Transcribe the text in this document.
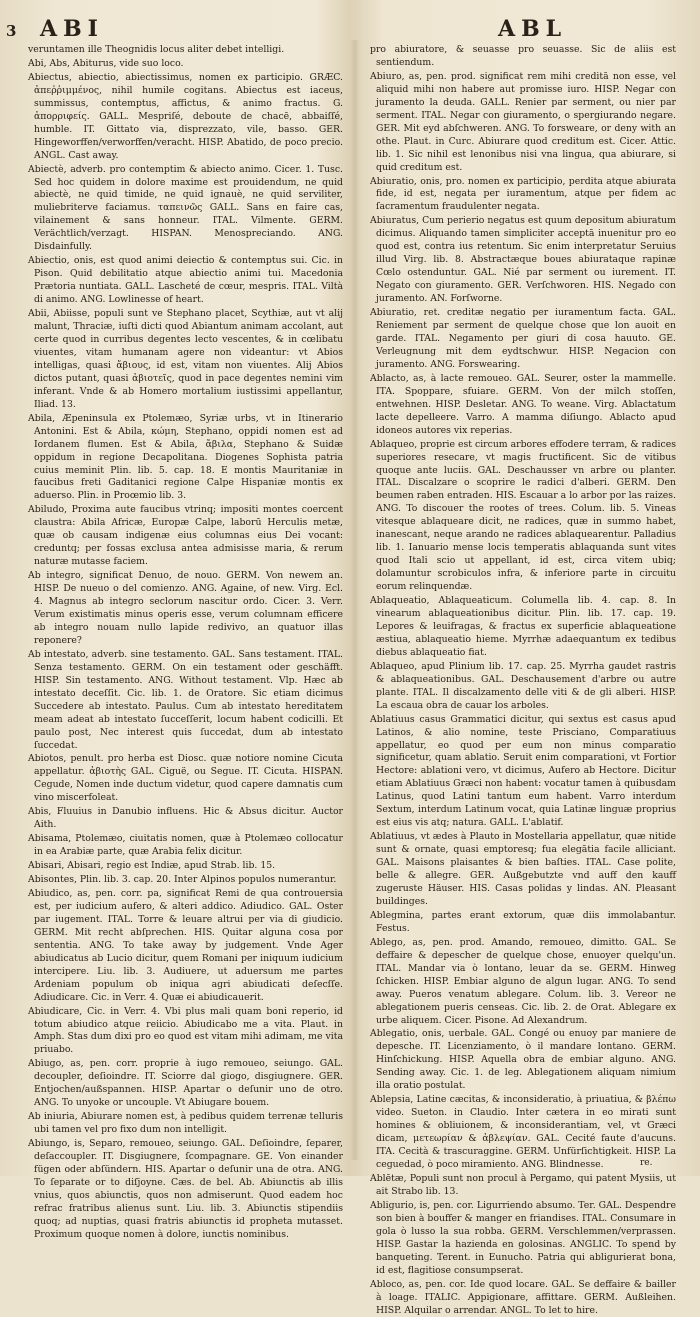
3 ABI	ABL

veruntamen ille Theognidis locus aliter debet intelligi.

Abi, Abs, Abiturus, vide suo loco.

Abiectus, abiectio, abiectissimus, nomen ex participio. GRÆC. ἀπεῤῥιμμένος, nihil humile cogitans. Abiectus est iaceus, summissus, contemptus, affictus, & animo fractus. G. ἀπορριφείς. GALL. Mespriſé, deboute de chacē, abbaiſſé, humble. IT. Gittato via, disprezzato, vile, basso. GER. Hingeworffen/verworffen/veracht. HISP. Abatido, de poco precio. ANGL. Cast away.

Abiectè, adverb. pro contemptim & abiecto animo. Cicer. 1. Tusc. Sed hoc quidem in dolore maxime est prouidendum, ne quid abiectè, ne quid timide, ne quid ignauè, ne quid serviliter, muliebriterve faciamus. ταπεινῶς GALL. Sans en faire cas, vilainement & sans honneur. ITAL. Vilmente. GERM. Verächtlich/verzagt. HISPAN. Menospreciando. ANG. Disdainfully.

Abiectio, onis, est quod animi deiectio & contemptus sui. Cic. in Pison. Quid debilitatio atque abiectio animi tui. Macedonia Prætoria nuntiata. GALL. Lascheté de cœur, mespris. ITAL. Viltà di animo. ANG. Lowlinesse of heart.

Abii, Abiisse, populi sunt ve Stephano placet, Scythiæ, aut vt alij malunt, Thraciæ, iuſti dicti quod Abiantum animam accolant, aut certe quod in curribus degentes lecto vescentes, & in cœlibatu viuentes, vitam humanam agere non videantur: vt Abios intelligas, quasi ἄβιους, id est, vitam non viuentes. Alij Abios dictos putant, quasi ἀβιοτεῖς, quod in pace degentes nemini vim inferant. Vnde & ab Homero mortalium iustissimi appellantur, Iliad. 13.

Abila, Æpeninsula ex Ptolemæo, Syriæ urbs, vt in Itinerario Antonini. Est & Abila, κώμη, Stephano, oppidi nomen est ad Iordanem flumen. Est & Abila, ἄβιλα, Stephano & Suidæ oppidum in regione Decapolitana. Diogenes Sophista patria cuius meminit Plin. lib. 5. cap. 18. E montis Mauritaniæ in faucibus freti Gaditanici regione Calpe Hispaniæ montis ex aduerso. Plin. in Proœmio lib. 3.

Abiludo, Proxima aute faucibus vtrinq; impositi montes coercent claustra: Abila Africæ, Europæ Calpe, laborū Herculis metæ, quæ ob causam indigenæ eius columnas eius Dei vocant: creduntq; per fossas exclusa antea admisisse maria, & rerum naturæ mutasse faciem.

Ab integro, significat Denuo, de nouo. GERM. Von newem an. HISP. De nueuo o del comienzo. ANG. Againe, of new. Virg. Ecl. 4. Magnus ab integro seclorum nascitur ordo. Cicer. 3. Verr. Verum existimatis minus operis esse, verum columnam efficere ab integro nouam nullo lapide redivivo, an quatuor illas reponere?

Ab intestato, adverb. sine testamento. GAL. Sans testament. ITAL. Senza testamento. GERM. On ein testament oder geschäfft. HISP. Sin testamento. ANG. Without testament. Vlp. Hæc ab intestato deceſſit. Cic. lib. 1. de Oratore. Sic etiam dicimus Succedere ab intestato. Paulus. Cum ab intestato hereditatem meam adeat ab intestato ſucceſſerit, locum habent codicilli. Et paulo post, Nec interest quis ſuccedat, dum ab intestato ſuccedat.

Abiotos, penult. pro herba est Diosc. quæ notiore nomine Cicuta appellatur. ἀβιοτὴς GAL. Ciguë, ou Segue. IT. Cicuta. HISPAN. Cegude, Nomen inde ductum videtur, quod capere damnatis cum vino miscerfoleat.

Abis, Fluuius in Danubio influens. Hic & Absus dicitur. Auctor Aith.

Abisama, Ptolemæo, ciuitatis nomen, quæ à Ptolemæo collocatur in ea Arabiæ parte, quæ Arabia felix dicitur.

Abisari, Abisari, regio est Indiæ, apud Strab. lib. 15.

Abisontes, Plin. lib. 3. cap. 20. Inter Alpinos populos numerantur.

Abiudico, as, pen. corr. pa, significat Remi de qua controuersia est, per iudicium aufero, & alteri addico. Adiudico. GAL. Oster par iugement. ITAL. Torre & leuare altrui per via di giudicio. GERM. Mit recht abſprechen. HIS. Quitar alguna cosa por sententia. ANG. To take away by judgement. Vnde Ager abiudicatus ab Lucio dicitur, quem Romani per iniquum iudicium intercipere. Liu. lib. 3. Audiuere, ut aduersum me partes Ardeniam populum ob iniqua agri abiudicati deſecſſe. Adiudicare. Cic. in Verr. 4. Quæ ei abiudicauerit.

Abiudicare, Cic. in Verr. 4. Vbi plus mali quam boni reperio, id totum abiudico atque reiicio. Abiudicabo me a vita. Plaut. in Amph. Stas dum dixi pro eo quod est vitam mihi adimam, me vita priuabo.

Abiugo, as, pen. corr. proprie à iugo remoueo, seiungo. GAL. decoupler, deſioindre. IT. Sciorre dal giogo, disgiugnere. GER. Entjochen/außspannen. HISP. Apartar o deſunir uno de otro. ANG. To unyoke or uncouple. Vt Abiugare bouem.

Ab iniuria, Abiurare nomen est, à pedibus quidem terrenæ telluris ubi tamen vel pro fixo dum non intelligit.

Abiungo, is, Separo, remoueo, seiungo. GAL. Deſioindre, ſeparer, deſaccoupler. IT. Disgiugnere, ſcompagnare. GE. Von einander fügen oder abſündern. HIS. Apartar o deſunir una de otra. ANG. To ſeparate or to diſjoyne. Cæs. de bel. Ab. Abiunctis ab illis vnius, quos abiunctis, quos non admiserunt. Quod eadem hoc refrac fratribus alienus sunt. Liu. lib. 3. Abiunctis stipendiis quoq; ad nuptias, quasi fratris abiunctis id propheta mutasset. Proximum quoque nomen à dolore, iunctis nominibus.

pro abiuratore, & seuasse pro seuasse. Sic de aliis est sentiendum.

Abiuro, as, pen. prod. significat rem mihi creditā non esse, vel aliquid mihi non habere aut promisse iuro. HISP. Negar con juramento la deuda. GALL. Renier par serment, ou nier par serment. ITAL. Negar con giuramento, o spergiurando negare. GER. Mit eyd abſchweren. ANG. To forsweare, or deny with an othe. Plaut. in Curc. Abiurare quod creditum est. Cicer. Attic. lib. 1. Sic nihil est lenonibus nisi vna lingua, qua abiurare, si quid creditum est.

Abiuratio, onis, pro. nomen ex participio, perdita atque abiurata fide, id est, negata per iuramentum, atque per fidem ac ſacramentum fraudulenter negata.

Abiuratus, Cum perierio negatus est quum depositum abiuratum dicimus. Aliquando tamen simpliciter acceptā inuenitur pro eo quod est, contra ius retentum. Sic enim interpretatur Seruius illud Virg. lib. 8. Abstractæque boues abiurataque rapinæ Cœlo ostenduntur. GAL. Nié par serment ou iurement. IT. Negato con giuramento. GER. Verſchworen. HIS. Negado con juramento. AN. Forſworne.

Abiuratio, ret. creditæ negatio per iuramentum facta. GAL. Reniement par serment de quelque chose que lon auoit en garde. ITAL. Negamento per giuri di cosa hauuto. GE. Verleugnung mit dem eydtschwur. HISP. Negacion con juramento. ANG. Forswearing.

Ablacto, as, à lacte remoueo. GAL. Seurer, oster la mammelle. ITA. Spoppare, sfuiare. GERM. Von der milch stoſſen, entwehnen. HISP. Desletar. ANG. To weane. Virg. Ablactatum lacte depelleere. Varro. A mamma diſiungo. Ablacto apud idoneos autores vix reperias.

Ablaqueo, proprie est circum arbores effodere terram, & radices superiores resecare, vt magis fructificent. Sic de vitibus quoque ante luciis. GAL. Deschausser vn arbre ou planter. ITAL. Discalzare o scoprire le radici d'alberi. GERM. Den beumen raben entraden. HIS. Escauar a lo arbor por las raizes. ANG. To discouer the rootes of trees. Colum. lib. 5. Vineas vitesque ablaqueare dicit, ne radices, quæ in summo habet, inanescant, neque arando ne radices ablaquearentur. Palladius lib. 1. Ianuario mense locis temperatis ablaquanda sunt vites quod Itali scio ut appellant, id est, circa vitem ubiq; dolamuntur scrobiculos infra, & inferiore parte in circuitu eorum relinquendæ.

Ablaqueatio, Ablaqueaticum. Columella lib. 4. cap. 8. In vinearum ablaqueationibus dicitur. Plin. lib. 17. cap. 19. Lepores & leuifragas, & fractus ex superficie ablaqueatione æstiua, ablaqueatio hieme. Myrrhæ adaequantum ex tedibus diebus ablaqueatio fiat.

Ablaqueo, apud Plinium lib. 17. cap. 25. Myrrha gaudet rastris & ablaqueationibus. GAL. Deschausement d'arbre ou autre plante. ITAL. Il discalzamento delle viti & de gli alberi. HISP. La escaua obra de cauar los arboles.

Ablatiuus casus Grammatici dicitur, qui sextus est casus apud Latinos, & alio nomine, teste Prisciano, Comparatiuus appellatur, eo quod per eum non minus comparatio significetur, quam ablatio. Seruit enim comparationi, vt Fortior Hectore: ablationi vero, vt dicimus, Aufero ab Hectore. Dicitur etiam Ablatiuus Græci non habent: vocatur tamen à quibusdam Latinus, quod Latini tantum eum habent. Varro interdum Sextum, interdum Latinum vocat, quia Latinæ linguæ proprius est eius vis atq; natura. GALL. L'ablatif.

Ablatiuus, vt ædes à Plauto in Mostellaria appellatur, quæ nitide sunt & ornate, quasi emptoresq; fua elegātia facile alliciant. GAL. Maisons plaisantes & bien baſties. ITAL. Case polite, belle & allegre. GER. Außgebutzte vnd auff den kauff zugeruste Häuser. HIS. Casas polidas y lindas. AN. Pleasant buildinges.

Ablegmina, partes erant extorum, quæ diis immolabantur. Festus.

Ablego, as, pen. prod. Amando, remoueo, dimitto. GAL. Se deffaire & depescher de quelque chose, enuoyer quelqu'un. ITAL. Mandar via ò lontano, leuar da se. GERM. Hinweg ſchicken. HISP. Embiar alguno de algun lugar. ANG. To send away. Pueros venatum ablegare. Colum. lib. 3. Vereor ne ablegationem pueris censeas. Cic. lib. 2. de Orat. Ablegare ex urbe aliquem. Cicer. Pisone. Ad Alexandrum.

Ablegatio, onis, uerbale. GAL. Congé ou enuoy par maniere de depesche. IT. Licenziamento, ò il mandare lontano. GERM. Hinſchickung. HISP. Aquella obra de embiar alguno. ANG. Sending away. Cic. 1. de leg. Ablegationem aliquam nimium illa oratio postulat.

Ablepsia, Latine cæcitas, & inconsideratio, à priuatiua, & βλέπω video. Sueton. in Claudio. Inter cætera in eo mirati sunt homines & obliuionem, & inconsiderantiam, vel, vt Græci dicam, μετεωρίαν & ἀβλεψίαν. GAL. Cecité faute d'aucuns. ITA. Cecità & trascuraggine. GERM. Unfürſichtigkeit. HISP. La ceguedad, ò poco miramiento. ANG. Blindnesse.

Ablētæ, Populi sunt non procul à Pergamo, qui patent Mysiis, ut ait Strabo lib. 13.

Abligurio, is, pen. cor. Ligurriendo absumo. Ter. GAL. Despendre son bien à bouffer & manger en friandises. ITAL. Consumare in gola ò lusso la sua robba. GERM. Verschlemmen/verprassen. HISP. Gastar la hazienda en golosinas. ANGLIC. To spend by banqueting. Terent. in Eunucho. Patria qui abligurierat bona, id est, flagitiose consumpserat.

Abloco, as, pen. cor. Ide quod locare. GAL. Se deffaire & bailler à loage. ITALIC. Appigionare, affittare. GERM. Außleihen. HISP. Alquilar o arrendar. ANGL. To let to hire.

re.
